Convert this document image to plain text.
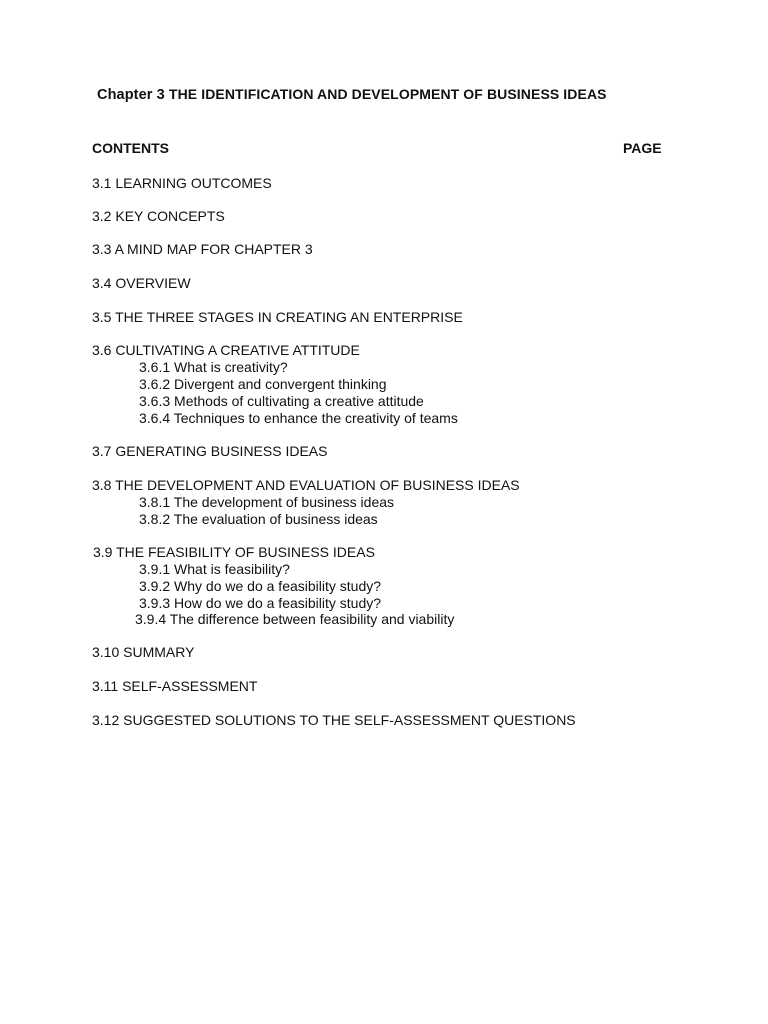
Chapter 3 THE IDENTIFICATION AND DEVELOPMENT OF BUSINESS IDEAS
CONTENTS	PAGE
3.1 LEARNING OUTCOMES
3.2 KEY CONCEPTS
3.3 A MIND MAP FOR CHAPTER 3
3.4 OVERVIEW
3.5 THE THREE STAGES IN CREATING AN ENTERPRISE
3.6 CULTIVATING A CREATIVE ATTITUDE
3.6.1 What is creativity?
3.6.2 Divergent and convergent thinking
3.6.3 Methods of cultivating a creative attitude
3.6.4 Techniques to enhance the creativity of teams
3.7 GENERATING BUSINESS IDEAS
3.8 THE DEVELOPMENT AND EVALUATION OF BUSINESS IDEAS
3.8.1 The development of business ideas
3.8.2 The evaluation of business ideas
3.9 THE FEASIBILITY OF BUSINESS IDEAS
3.9.1 What is feasibility?
3.9.2 Why do we do a feasibility study?
3.9.3 How do we do a feasibility study?
3.9.4 The difference between feasibility and viability
3.10 SUMMARY
3.11 SELF-ASSESSMENT
3.12 SUGGESTED SOLUTIONS TO THE SELF-ASSESSMENT QUESTIONS
